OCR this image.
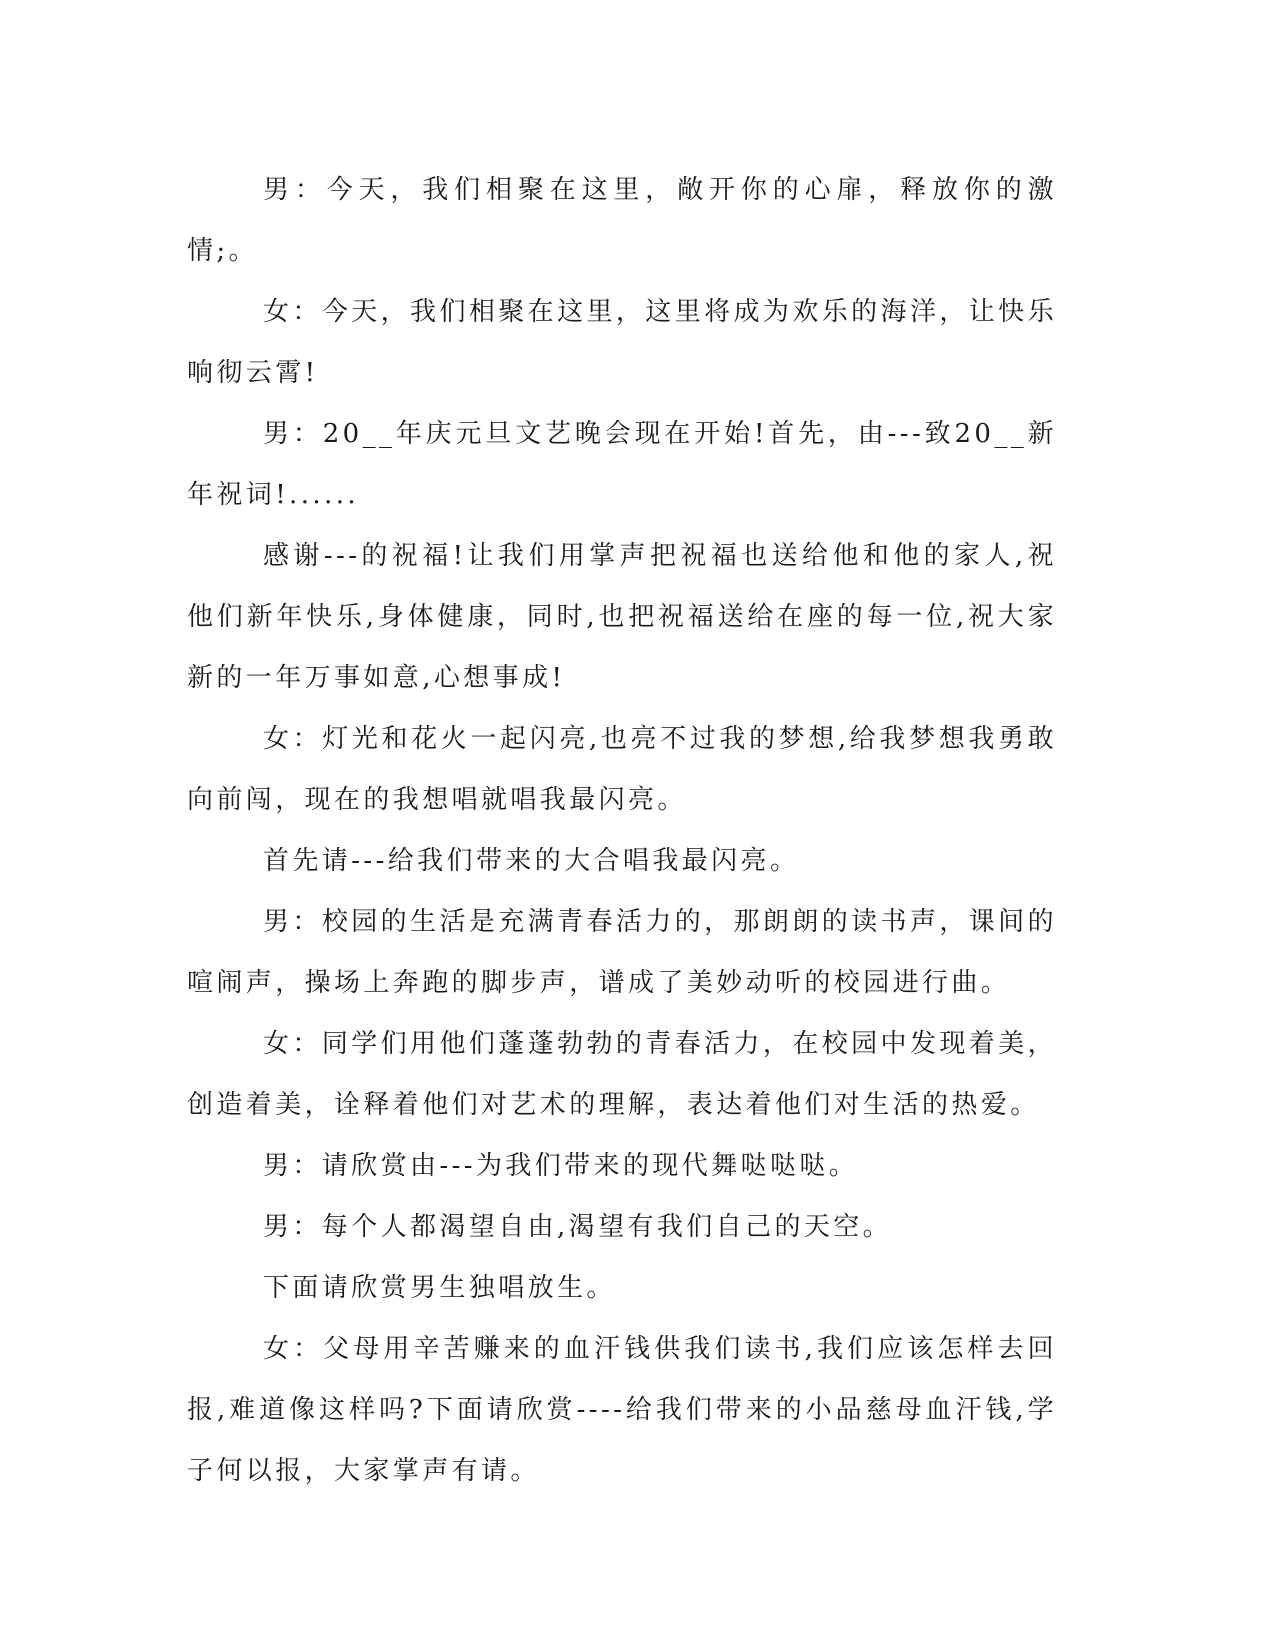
男：今天，我们相聚在这里，敞开你的心扉，释放你的激情;。

女：今天，我们相聚在这里，这里将成为欢乐的海洋，让快乐响彻云霄!

男：20__年庆元旦文艺晚会现在开始!首先，由---致20__新年祝词!......

感谢---的祝福!让我们用掌声把祝福也送给他和他的家人,祝他们新年快乐,身体健康，同时,也把祝福送给在座的每一位,祝大家新的一年万事如意,心想事成!

女：灯光和花火一起闪亮,也亮不过我的梦想,给我梦想我勇敢向前闯，现在的我想唱就唱我最闪亮。

首先请---给我们带来的大合唱我最闪亮。

男：校园的生活是充满青春活力的，那朗朗的读书声，课间的喧闹声，操场上奔跑的脚步声，谱成了美妙动听的校园进行曲。

女：同学们用他们蓬蓬勃勃的青春活力，在校园中发现着美，创造着美，诠释着他们对艺术的理解，表达着他们对生活的热爱。

男：请欣赏由---为我们带来的现代舞哒哒哒。

男：每个人都渴望自由,渴望有我们自己的天空。

下面请欣赏男生独唱放生。

女：父母用辛苦赚来的血汗钱供我们读书,我们应该怎样去回报,难道像这样吗?下面请欣赏----给我们带来的小品慈母血汗钱,学子何以报，大家掌声有请。
